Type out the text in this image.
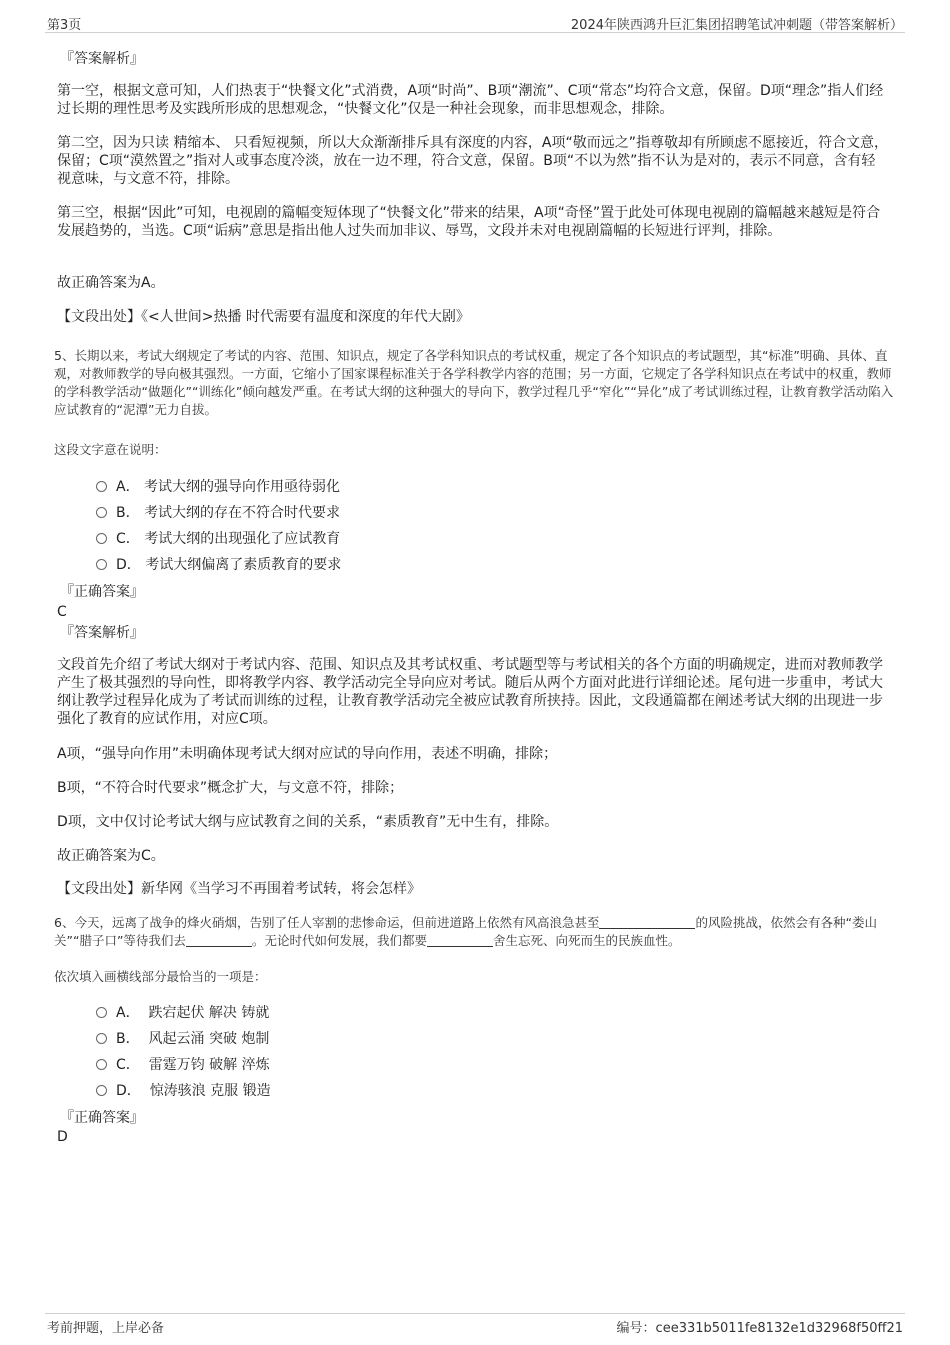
第3页	2024年陕西鸿升巨汇集团招聘笔试冲刺题（带答案解析）
『答案解析』
第一空，根据文意可知，人们热衷于“快餐文化”式消费，A项“时尚”、B项“潮流”、C项“常态”均符合文意，保留。D项“理念”指人们经过长期的理性思考及实践所形成的思想观念，“快餐文化”仅是一种社会现象，而非思想观念，排除。
第二空，因为只读 精缩本、 只看短视频，所以大众渐渐排斥具有深度的内容，A项“敬而远之”指尊敬却有所顾虑不愿接近，符合文意，保留；C项“漠然置之”指对人或事态度冷淡，放在一边不理，符合文意，保留。B项“不以为然”指不认为是对的，表示不同意，含有轻视意味，与文意不符，排除。
第三空，根据“因此”可知，电视剧的篇幅变短体现了“快餐文化”带来的结果，A项“奇怪”置于此处可体现电视剧的篇幅越来越短是符合发展趋势的，当选。C项“诟病”意思是指出他人过失而加非议、辱骂，文段并未对电视剧篇幅的长短进行评判，排除。
故正确答案为A。
【文段出处】《<人世间>热播 时代需要有温度和深度的年代大剧》
5、长期以来，考试大纲规定了考试的内容、范围、知识点，规定了各学科知识点的考试权重，规定了各个知识点的考试题型，其“标准”明确、具体、直观，对教师教学的导向极其强烈。一方面，它缩小了国家课程标准关于各学科教学内容的范围；另一方面，它规定了各学科知识点在考试中的权重，教师的学科教学活动“做题化”“训练化”倾向越发严重。在考试大纲的这种强大的导向下，教学过程几乎“窄化”“异化”成了考试训练过程，让教育教学活动陷入应试教育的“泥潭”无力自拔。
这段文字意在说明：
A． 考试大纲的强导向作用亟待弱化
B． 考试大纲的存在不符合时代要求
C． 考试大纲的出现强化了应试教育
D． 考试大纲偏离了素质教育的要求
『正确答案』
C
『答案解析』
文段首先介绍了考试大纲对于考试内容、范围、知识点及其考试权重、考试题型等与考试相关的各个方面的明确规定，进而对教师教学产生了极其强烈的导向性，即将教学内容、教学活动完全导向应对考试。随后从两个方面对此进行详细论述。尾句进一步重申，考试大纲让教学过程异化成为了考试而训练的过程，让教育教学活动完全被应试教育所挟持。因此，文段通篇都在阐述考试大纲的出现进一步强化了教育的应试作用，对应C项。
A项，“强导向作用”未明确体现考试大纲对应试的导向作用，表述不明确，排除；
B项，“不符合时代要求”概念扩大，与文意不符，排除；
D项，文中仅讨论考试大纲与应试教育之间的关系，“素质教育”无中生有，排除。
故正确答案为C。
【文段出处】新华网《当学习不再围着考试转，将会怎样》
6、今天，远离了战争的烽火硝烟，告别了任人宰割的悲惨命运，但前进道路上依然有风高浪急甚至	的风险挑战，依然会有各种“娄山关”“腊子口”等待我们去	。无论时代如何发展，我们都要	舍生忘死、向死而生的民族血性。
依次填入画横线部分最恰当的一项是：
A． 跌宕起伏 解决 铸就
B． 风起云涌 突破 炮制
C． 雷霆万钧 破解 淬炼
D． 惊涛骇浪 克服 锻造
『正确答案』
D
考前押题，上岸必备	编号：cee331b5011fe8132e1d32968f50ff21
